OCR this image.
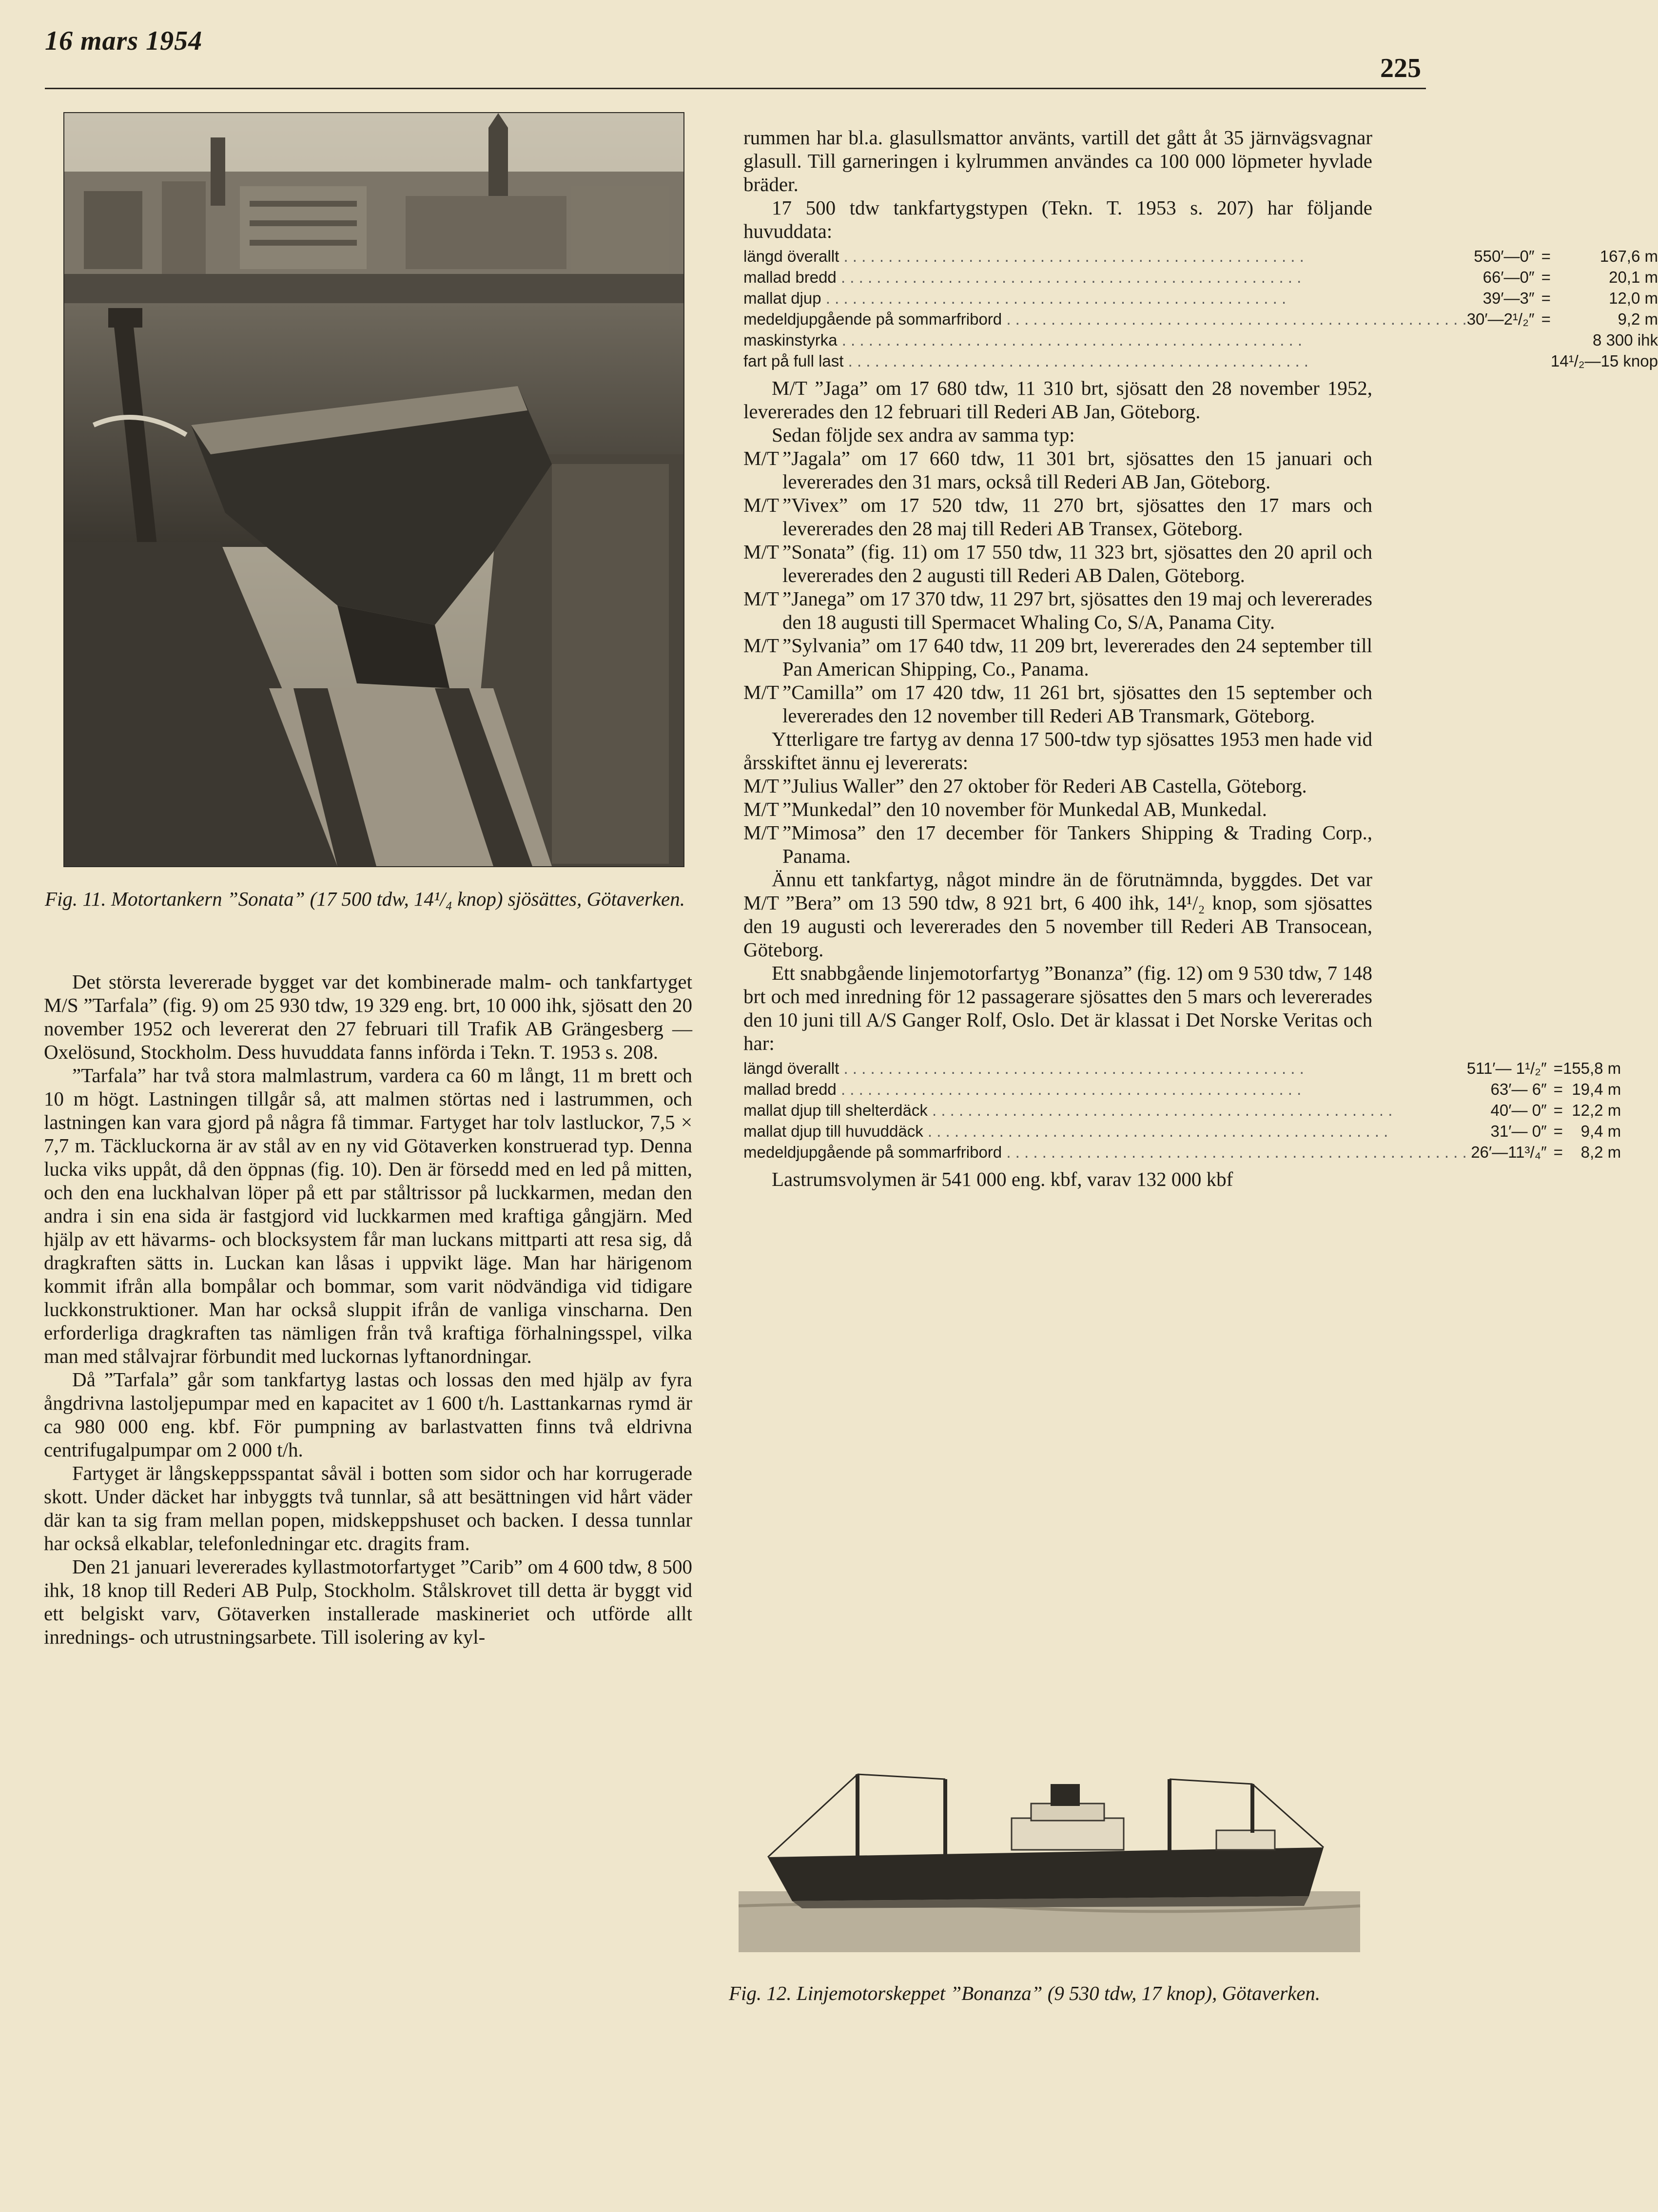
16 mars 1954
225
Fig. 11. Motortankern ”Sonata” (17 500 tdw, 14¹/₄ knop) sjösättes, Götaverken.

Det största levererade bygget var det kombinerade malm- och tankfartyget M/S ”Tarfala” (fig. 9) om 25 930 tdw, 19 329 eng. brt, 10 000 ihk, sjösatt den 20 november 1952 och levererat den 27 februari till Trafik AB Grängesberg —Oxelösund, Stockholm. Dess huvuddata fanns införda i Tekn. T. 1953 s. 208.

”Tarfala” har två stora malmlastrum, vardera ca 60 m långt, 11 m brett och 10 m högt. Lastningen tillgår så, att malmen störtas ned i lastrummen, och lastningen kan vara gjord på några få timmar. Fartyget har tolv lastluckor, 7,5 × 7,7 m. Täckluckorna är av stål av en ny vid Götaverken konstruerad typ. Denna lucka viks uppåt, då den öppnas (fig. 10). Den är försedd med en led på mitten, och den ena luckhalvan löper på ett par ståltrissor på luckkarmen, medan den andra i sin ena sida är fastgjord vid luckkarmen med kraftiga gångjärn. Med hjälp av ett hävarms- och blocksystem får man luckans mittparti att resa sig, då dragkraften sätts in. Luckan kan låsas i uppvikt läge. Man har härigenom kommit ifrån alla bompålar och bommar, som varit nödvändiga vid tidigare luckkonstruktioner. Man har också sluppit ifrån de vanliga vinscharna. Den erforderliga dragkraften tas nämligen från två kraftiga förhalningsspel, vilka man med stålvajrar förbundit med luckornas lyftanordningar.

Då ”Tarfala” går som tankfartyg lastas och lossas den med hjälp av fyra ångdrivna lastoljepumpar med en kapacitet av 1 600 t/h. Lasttankarnas rymd är ca 980 000 eng. kbf. För pumpning av barlastvatten finns två eldrivna centrifugalpumpar om 2 000 t/h.

Fartyget är långskeppsspantat såväl i botten som sidor och har korrugerade skott. Under däcket har inbyggts två tunnlar, så att besättningen vid hårt väder där kan ta sig fram mellan popen, midskeppshuset och backen. I dessa tunnlar har också elkablar, telefonledningar etc. dragits fram.

Den 21 januari levererades kyllastmotorfartyget ”Carib” om 4 600 tdw, 8 500 ihk, 18 knop till Rederi AB Pulp, Stockholm. Stålskrovet till detta är byggt vid ett belgiskt varv, Götaverken installerade maskineriet och utförde allt inrednings- och utrustningsarbete. Till isolering av kyl-

rummen har bl.a. glasullsmattor använts, vartill det gått åt 35 järnvägsvagnar glasull. Till garneringen i kylrummen användes ca 100 000 löpmeter hyvlade bräder.

17 500 tdw tankfartygstypen (Tekn. T. 1953 s. 207) har följande huvuddata:

längd överallt . . .	550′—0″	=	167,6 m
mallad bredd . . .	66′—0″	=	20,1 m
mallat djup . . .	39′—3″	=	12,0 m
medeldjupgående på sommarfribord . . .	30′—2¹/₂″	=	9,2 m
maskinstyrka . . .			8 300 ihk
fart på full last . . .			14¹/₂—15 knop

M/T ”Jaga” om 17 680 tdw, 11 310 brt, sjösatt den 28 november 1952, levererades den 12 februari till Rederi AB Jan, Göteborg.

Sedan följde sex andra av samma typ:

M/T ”Jagala” om 17 660 tdw, 11 301 brt, sjösattes den 15 januari och levererades den 31 mars, också till Rederi AB Jan, Göteborg.

M/T ”Vivex” om 17 520 tdw, 11 270 brt, sjösattes den 17 mars och levererades den 28 maj till Rederi AB Transex, Göteborg.

M/T ”Sonata” (fig. 11) om 17 550 tdw, 11 323 brt, sjösattes den 20 april och levererades den 2 augusti till Rederi AB Dalen, Göteborg.

M/T ”Janega” om 17 370 tdw, 11 297 brt, sjösattes den 19 maj och levererades den 18 augusti till Spermacet Whaling Co, S/A, Panama City.

M/T ”Sylvania” om 17 640 tdw, 11 209 brt, levererades den 24 september till Pan American Shipping, Co., Panama.

M/T ”Camilla” om 17 420 tdw, 11 261 brt, sjösattes den 15 september och levererades den 12 november till Rederi AB Transmark, Göteborg.

Ytterligare tre fartyg av denna 17 500-tdw typ sjösattes 1953 men hade vid årsskiftet ännu ej levererats:

M/T ”Julius Waller” den 27 oktober för Rederi AB Castella, Göteborg.

M/T ”Munkedal” den 10 november för Munkedal AB, Munkedal.

M/T ”Mimosa” den 17 december för Tankers Shipping & Trading Corp., Panama.

Ännu ett tankfartyg, något mindre än de förutnämnda, byggdes. Det var M/T ”Bera” om 13 590 tdw, 8 921 brt, 6 400 ihk, 14¹/₂ knop, som sjösattes den 19 augusti och levererades den 5 november till Rederi AB Transocean, Göteborg.

Ett snabbgående linjemotorfartyg ”Bonanza” (fig. 12) om 9 530 tdw, 7 148 brt och med inredning för 12 passagerare sjösattes den 5 mars och levererades den 10 juni till A/S Ganger Rolf, Oslo. Det är klassat i Det Norske Veritas och har:

längd överallt . . .	511′— 1¹/₂″	=	155,8 m
mallad bredd . . .	63′— 6″	=	19,4 m
mallat djup till shelterdäck . . .	40′— 0″	=	12,2 m
mallat djup till huvuddäck . . .	31′— 0″	=	9,4 m
medeldjupgående på sommarfribord . . .	26′—11³/₄″	=	8,2 m

Lastrumsvolymen är 541 000 eng. kbf, varav 132 000 kbf

Fig. 12. Linjemotorskeppet ”Bonanza” (9 530 tdw, 17 knop), Götaverken.
